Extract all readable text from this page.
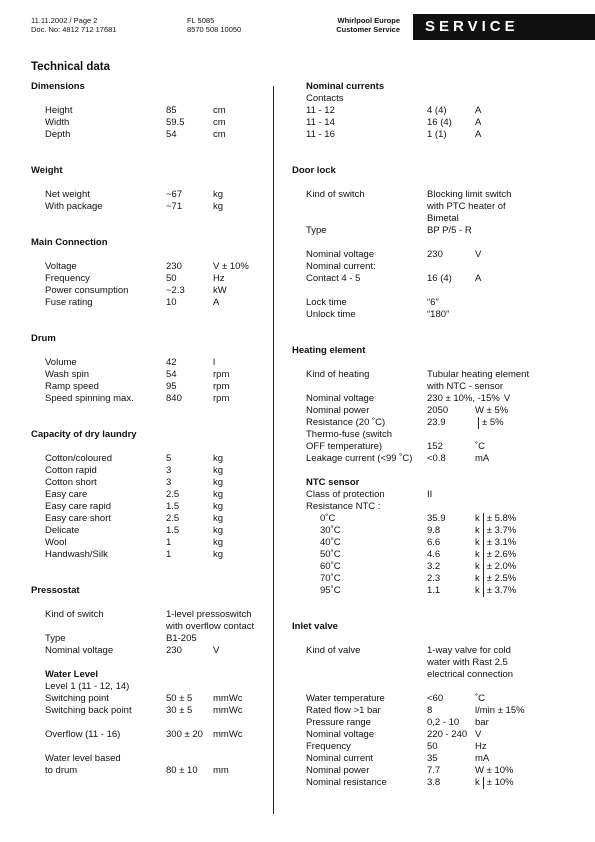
11.11.2002 / Page 2
Doc. No: 4812 712 17681
FL 5085
8570 508 10050
Whirlpool Europe
Customer Service	SERVICE
Technical data
Dimensions
Height	85	cm
Width	59.5	cm
Depth	54	cm
Weight
Net weight	~67	kg
With package	~71	kg
Main Connection
Voltage	230	V ± 10%
Frequency	50	Hz
Power consumption	~2.3	kW
Fuse rating	10	A
Drum
Volume	42	l
Wash spin	54	rpm
Ramp speed	95	rpm
Speed spinning max.	840	rpm
Capacity of dry laundry
Cotton/coloured	5	kg
Cotton rapid	3	kg
Cotton short	3	kg
Easy care	2.5	kg
Easy care rapid	1.5	kg
Easy care short	2.5	kg
Delicate	1.5	kg
Wool	1	kg
Handwash/Silk	1	kg
Pressostat
Kind of switch	1-level pressoswitch
with overflow contact
Type	B1-205
Nominal voltage	230	V
Water Level
Level 1 (11 - 12, 14)
Switching point	50 ± 5	mmWc
Switching back point	30 ± 5	mmWc
Overflow (11 - 16)	300 ± 20	mmWc
Water level based
to drum	80 ± 10	mm
Nominal currents
Contacts
11 - 12	4 (4)	A
11 - 14	16 (4)	A
11 - 16	1 (1)	A
Door lock
Kind of switch	Blocking limit switch
with PTC heater of
Bimetal
Type	BP P/5 - R
Nominal voltage	230	V
Nominal current:
Contact 4 - 5	16 (4)	A
Lock time	“6”
Unlock time	“180”
Heating element
Kind of heating	Tubular heating element
with NTC - sensor
Nominal voltage	230 ± 10%, -15% V
Nominal power	2050	W ± 5%
Resistance (20 ˚C)	23.9	± 5%
Thermo-fuse (switch
OFF temperature)	152	˚C
Leakage current (<99 ˚C)	<0.8	mA
NTC sensor
Class of protection	II
Resistance NTC :
0˚C	35.9	k ± 5.8%
30˚C	9.8	k ± 3.7%
40˚C	6.6	k ± 3.1%
50˚C	4.6	k ± 2.6%
60˚C	3.2	k ± 2.0%
70˚C	2.3	k ± 2.5%
95˚C	1.1	k ± 3.7%
Inlet valve
Kind of valve	1-way valve for cold
water with Rast 2.5
electrical connection
Water temperature	<60	˚C
Rated flow >1 bar	8	l/min ± 15%
Pressure range	0,2 - 10	bar
Nominal voltage	220 - 240 V
Frequency	50	Hz
Nominal current	35	mA
Nominal power	7.7	W ± 10%
Nominal resistance	3.8	k ± 10%
